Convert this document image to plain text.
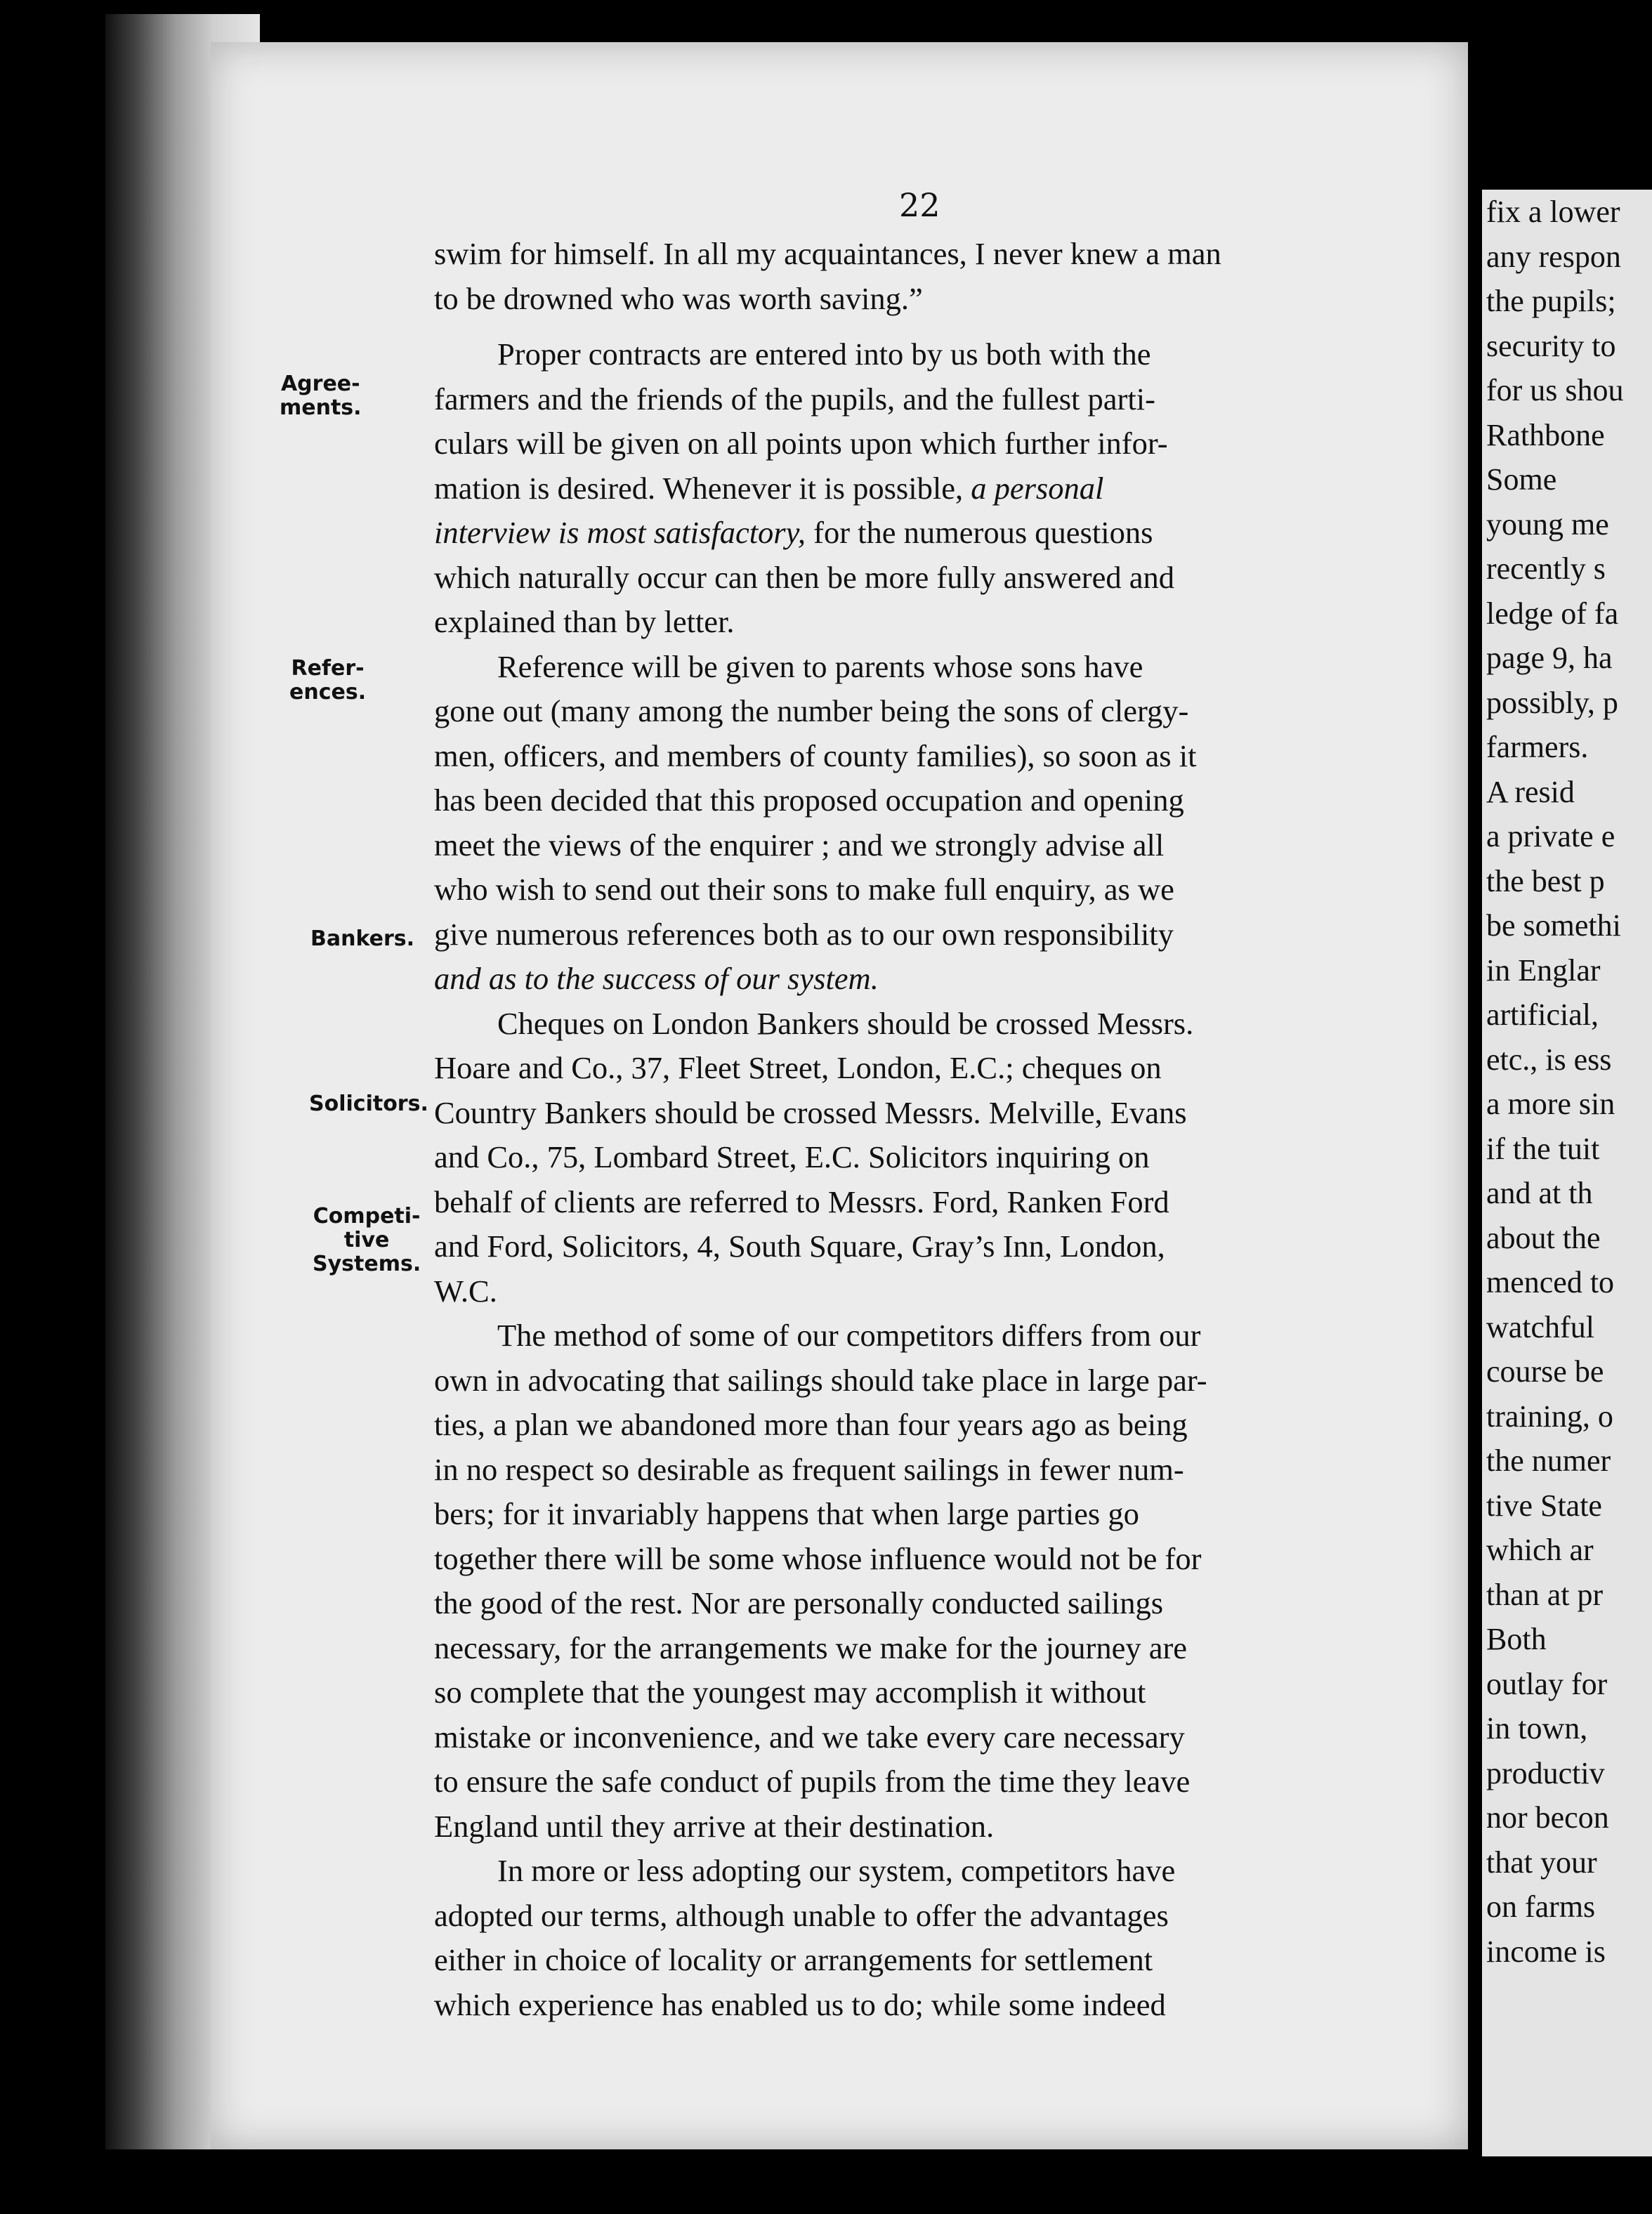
22
Agree-
ments.
Refer-
ences.
Bankers.
Solicitors.
Competi-
tive
Systems.
swim for himself. In all my acquaintances, I never knew a man
to be drowned who was worth saving.”
Proper contracts are entered into by us both with the
farmers and the friends of the pupils, and the fullest parti-
culars will be given on all points upon which further infor-
mation is desired. Whenever it is possible, a personal
interview is most satisfactory, for the numerous questions
which naturally occur can then be more fully answered and
explained than by letter.
Reference will be given to parents whose sons have
gone out (many among the number being the sons of clergy-
men, officers, and members of county families), so soon as it
has been decided that this proposed occupation and opening
meet the views of the enquirer ; and we strongly advise all
who wish to send out their sons to make full enquiry, as we
give numerous references both as to our own responsibility
and as to the success of our system.
Cheques on London Bankers should be crossed Messrs.
Hoare and Co., 37, Fleet Street, London, E.C.; cheques on
Country Bankers should be crossed Messrs. Melville, Evans
and Co., 75, Lombard Street, E.C. Solicitors inquiring on
behalf of clients are referred to Messrs. Ford, Ranken Ford
and Ford, Solicitors, 4, South Square, Gray’s Inn, London,
W.C.
The method of some of our competitors differs from our
own in advocating that sailings should take place in large par-
ties, a plan we abandoned more than four years ago as being
in no respect so desirable as frequent sailings in fewer num-
bers; for it invariably happens that when large parties go
together there will be some whose influence would not be for
the good of the rest. Nor are personally conducted sailings
necessary, for the arrangements we make for the journey are
so complete that the youngest may accomplish it without
mistake or inconvenience, and we take every care necessary
to ensure the safe conduct of pupils from the time they leave
England until they arrive at their destination.
In more or less adopting our system, competitors have
adopted our terms, although unable to offer the advantages
either in choice of locality or arrangements for settlement
which experience has enabled us to do; while some indeed
fix a lower
any respon
the pupils;
security to
for us shou
Rathbone
Some
young me
recently s
ledge of fa
page 9, ha
possibly, p
farmers.
A resid
a private e
the best p
be somethi
in Englar
artificial,
etc., is ess
a more sin
if the tuit
and at th
about the
menced to
watchful
course be
training, o
the numer
tive State
which ar
than at pr
Both
outlay for
in town,
productiv
nor becon
that your
on farms
income is
